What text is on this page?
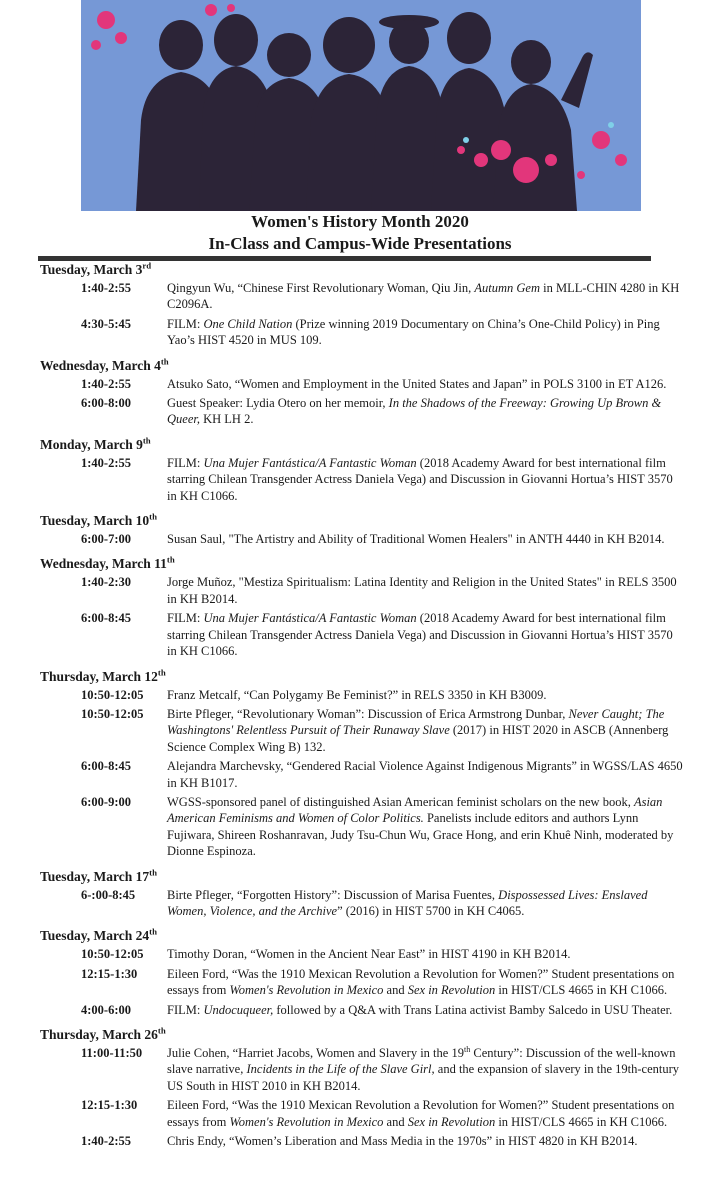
Women's History Month 2020
In-Class and Campus-Wide Presentations
Tuesday, March 3rd
1:40-2:55	Qingyun Wu, “Chinese First Revolutionary Woman, Qiu Jin, Autumn Gem in MLL-CHIN 4280 in KH C2096A.
4:30-5:45	FILM: One Child Nation (Prize winning 2019 Documentary on China’s One-Child Policy) in Ping Yao’s HIST 4520 in MUS 109.
Wednesday, March 4th
1:40-2:55	Atsuko Sato, “Women and Employment in the United States and Japan” in POLS 3100 in ET A126.
6:00-8:00	Guest Speaker: Lydia Otero on her memoir, In the Shadows of the Freeway: Growing Up Brown & Queer, KH LH 2.
Monday, March 9th
1:40-2:55	FILM: Una Mujer Fantástica/A Fantastic Woman (2018 Academy Award for best international film starring Chilean Transgender Actress Daniela Vega) and Discussion in Giovanni Hortua’s HIST 3570 in KH C1066.
Tuesday, March 10th
6:00-7:00	Susan Saul, "The Artistry and Ability of Traditional Women Healers" in ANTH 4440 in KH B2014.
Wednesday, March 11th
1:40-2:30	Jorge Muñoz, "Mestiza Spiritualism: Latina Identity and Religion in the United States" in RELS 3500 in KH B2014.
6:00-8:45	FILM: Una Mujer Fantástica/A Fantastic Woman (2018 Academy Award for best international film starring Chilean Transgender Actress Daniela Vega) and Discussion in Giovanni Hortua’s HIST 3570 in KH C1066.
Thursday, March 12th
10:50-12:05	Franz Metcalf, “Can Polygamy Be Feminist?” in RELS 3350 in KH B3009.
10:50-12:05	Birte Pfleger, “Revolutionary Woman”: Discussion of Erica Armstrong Dunbar, Never Caught; The Washingtons' Relentless Pursuit of Their Runaway Slave (2017) in HIST 2020 in ASCB (Annenberg Science Complex Wing B) 132.
6:00-8:45	Alejandra Marchevsky, “Gendered Racial Violence Against Indigenous Migrants” in WGSS/LAS 4650 in KH B1017.
6:00-9:00	WGSS-sponsored panel of distinguished Asian American feminist scholars on the new book, Asian American Feminisms and Women of Color Politics. Panelists include editors and authors Lynn Fujiwara, Shireen Roshanravan, Judy Tsu-Chun Wu, Grace Hong, and erin Khuê Ninh, moderated by Dionne Espinoza.
Tuesday, March 17th
6-:00-8:45	Birte Pfleger, “Forgotten History”: Discussion of Marisa Fuentes, Dispossessed Lives: Enslaved Women, Violence, and the Archive” (2016) in HIST 5700 in KH C4065.
Tuesday, March 24th
10:50-12:05	Timothy Doran, “Women in the Ancient Near East” in HIST 4190 in KH B2014.
12:15-1:30	Eileen Ford, “Was the 1910 Mexican Revolution a Revolution for Women?” Student presentations on essays from Women's Revolution in Mexico and Sex in Revolution in HIST/CLS 4665 in KH C1066.
4:00-6:00	FILM: Undocuqueer, followed by a Q&A with Trans Latina activist Bamby Salcedo in USU Theater.
Thursday, March 26th
11:00-11:50	Julie Cohen, “Harriet Jacobs, Women and Slavery in the 19th Century”: Discussion of the well-known slave narrative, Incidents in the Life of the Slave Girl, and the expansion of slavery in the 19th-century US South in HIST 2010 in KH B2014.
12:15-1:30	Eileen Ford, “Was the 1910 Mexican Revolution a Revolution for Women?” Student presentations on essays from Women's Revolution in Mexico and Sex in Revolution in HIST/CLS 4665 in KH C1066.
1:40-2:55	Chris Endy, “Women’s Liberation and Mass Media in the 1970s” in HIST 4820 in KH B2014.
